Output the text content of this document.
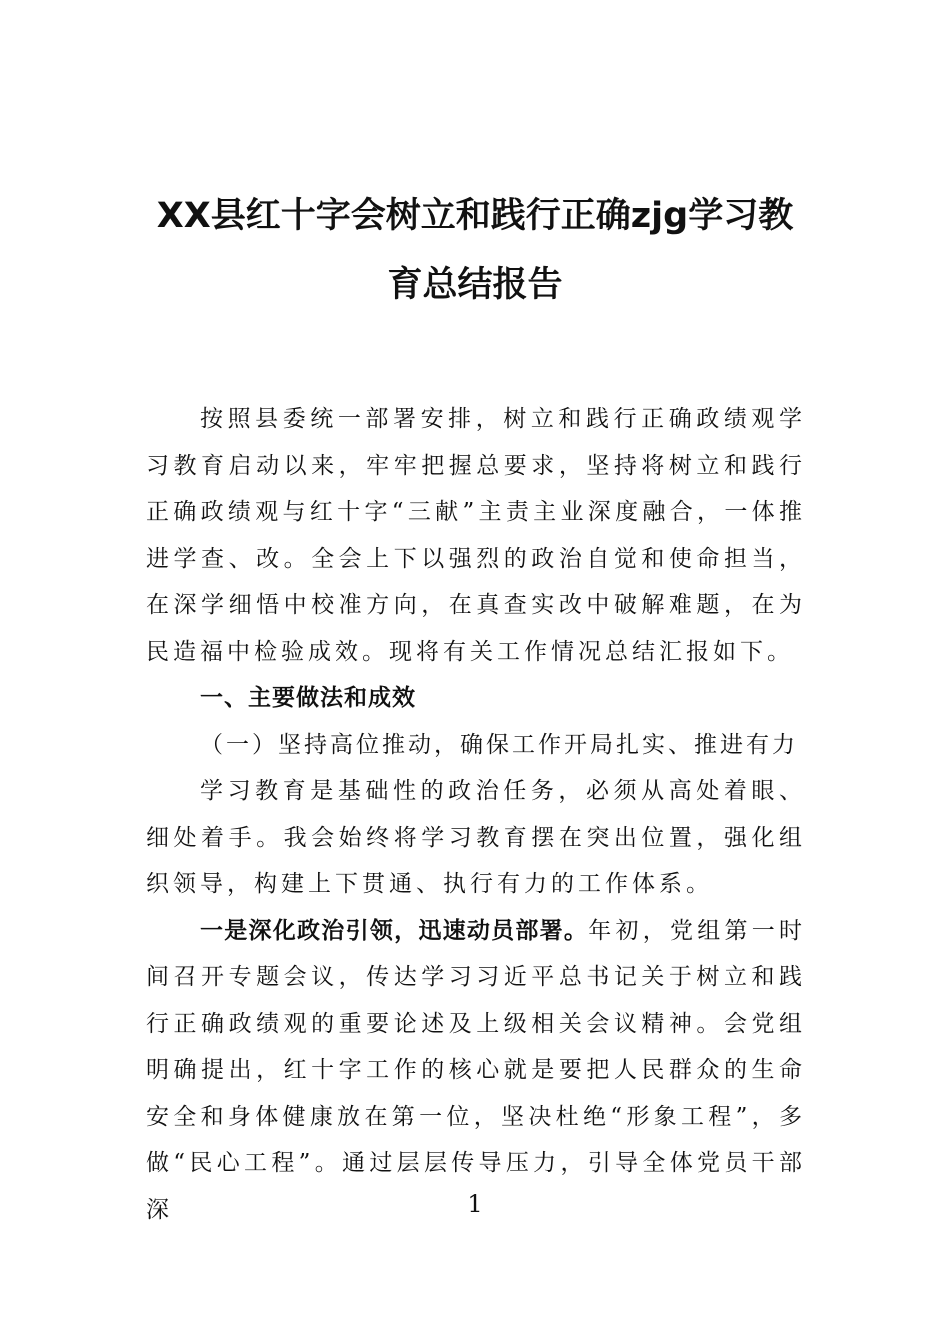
XX县红十字会树立和践行正确zjg学习教
育总结报告

按照县委统一部署安排，树立和践行正确政绩观学习教育启动以来，牢牢把握总要求，坚持将树立和践行正确政绩观与红十字“三献”主责主业深度融合，一体推进学查、改。全会上下以强烈的政治自觉和使命担当，在深学细悟中校准方向，在真查实改中破解难题，在为民造福中检验成效。现将有关工作情况总结汇报如下。

一、主要做法和成效

（一）坚持高位推动，确保工作开局扎实、推进有力

学习教育是基础性的政治任务，必须从高处着眼、细处着手。我会始终将学习教育摆在突出位置，强化组织领导，构建上下贯通、执行有力的工作体系。

一是深化政治引领，迅速动员部署。年初，党组第一时间召开专题会议，传达学习习近平总书记关于树立和践行正确政绩观的重要论述及上级相关会议精神。会党组明确提出，红十字工作的核心就是要把人民群众的生命安全和身体健康放在第一位，坚决杜绝“形象工程”，多做“民心工程”。通过层层传导压力，引导全体党员干部深	1
